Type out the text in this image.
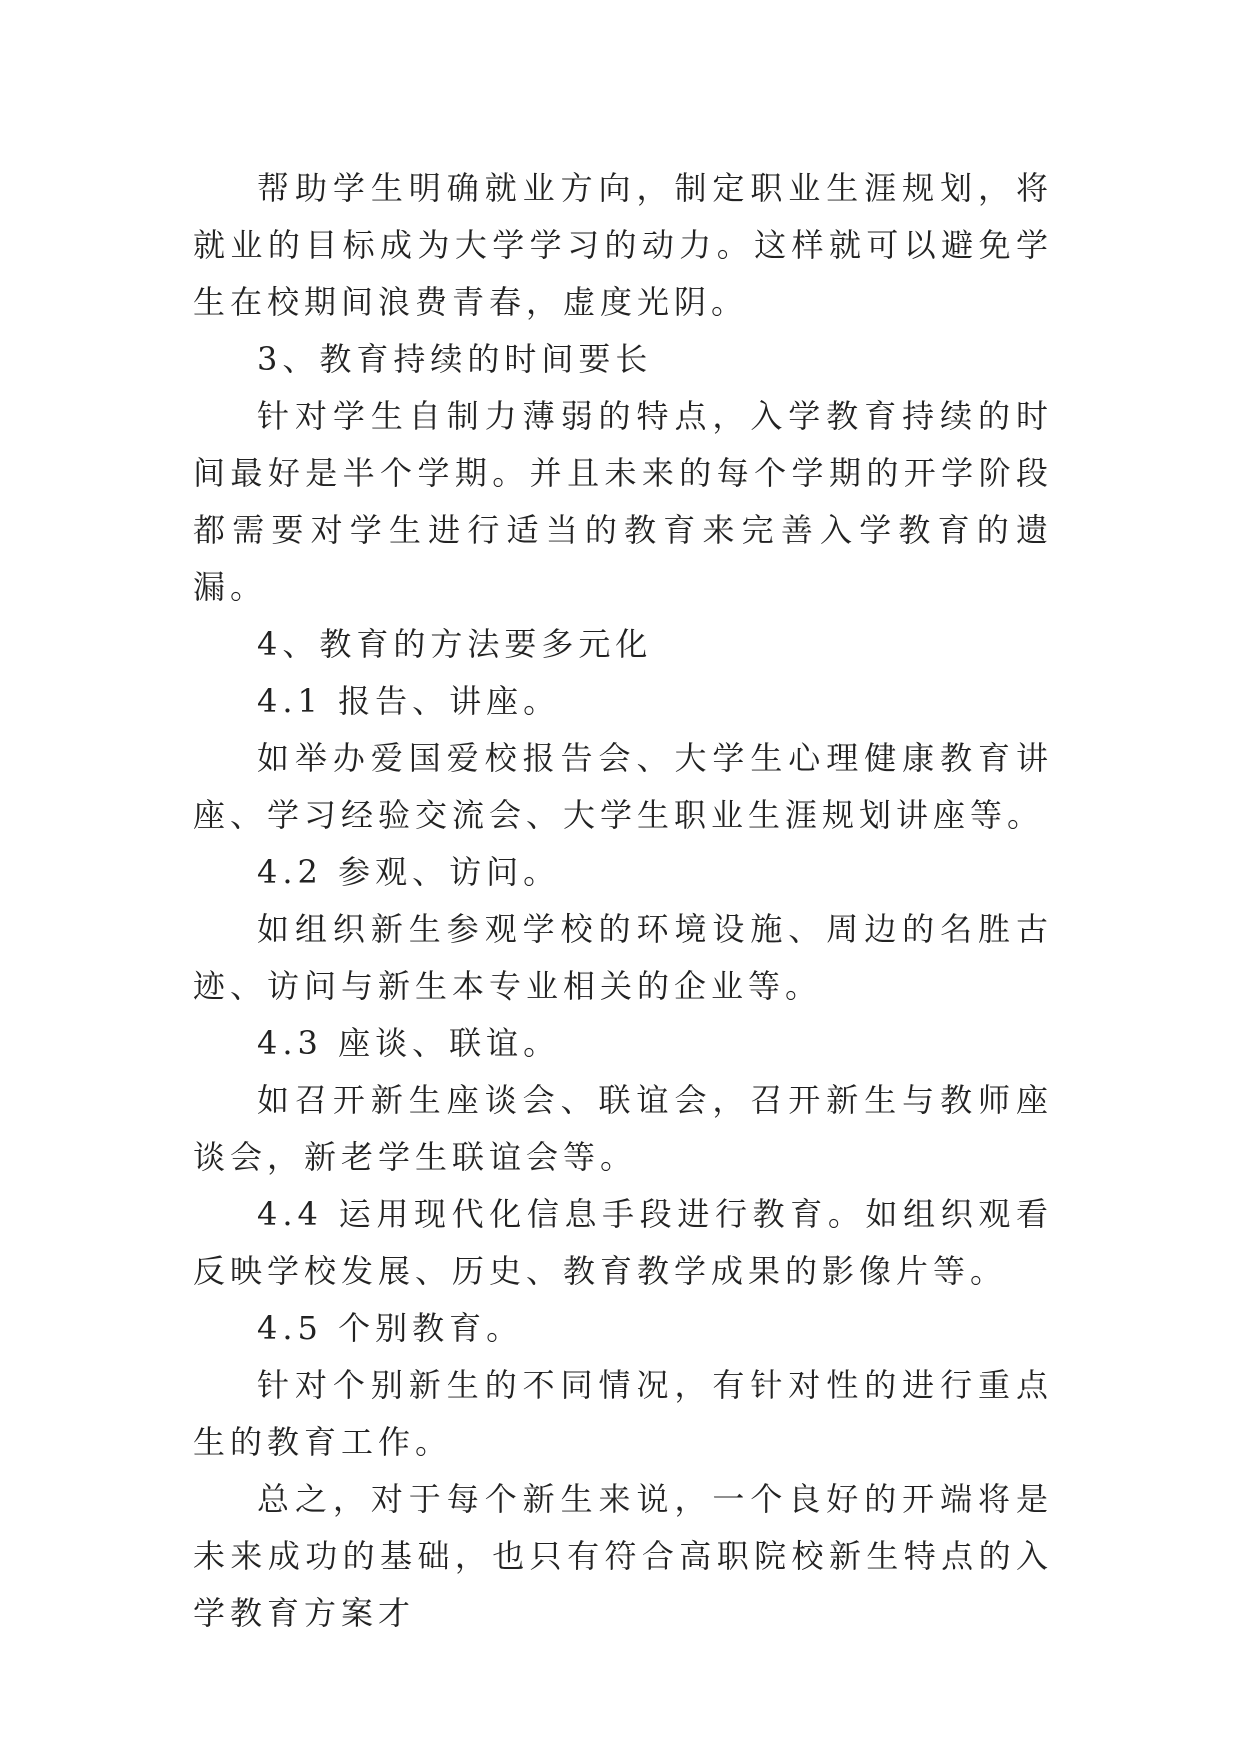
帮助学生明确就业方向，制定职业生涯规划，将就业的目标成为大学学习的动力。这样就可以避免学生在校期间浪费青春，虚度光阴。

3、教育持续的时间要长

针对学生自制力薄弱的特点，入学教育持续的时间最好是半个学期。并且未来的每个学期的开学阶段都需要对学生进行适当的教育来完善入学教育的遗漏。

4、教育的方法要多元化

4.1 报告、讲座。

如举办爱国爱校报告会、大学生心理健康教育讲座、学习经验交流会、大学生职业生涯规划讲座等。

4.2 参观、访问。

如组织新生参观学校的环境设施、周边的名胜古迹、访问与新生本专业相关的企业等。

4.3 座谈、联谊。

如召开新生座谈会、联谊会，召开新生与教师座谈会，新老学生联谊会等。

4.4 运用现代化信息手段进行教育。如组织观看反映学校发展、历史、教育教学成果的影像片等。

4.5 个别教育。

针对个别新生的不同情况，有针对性的进行重点生的教育工作。

总之，对于每个新生来说，一个良好的开端将是未来成功的基础，也只有符合高职院校新生特点的入学教育方案才
